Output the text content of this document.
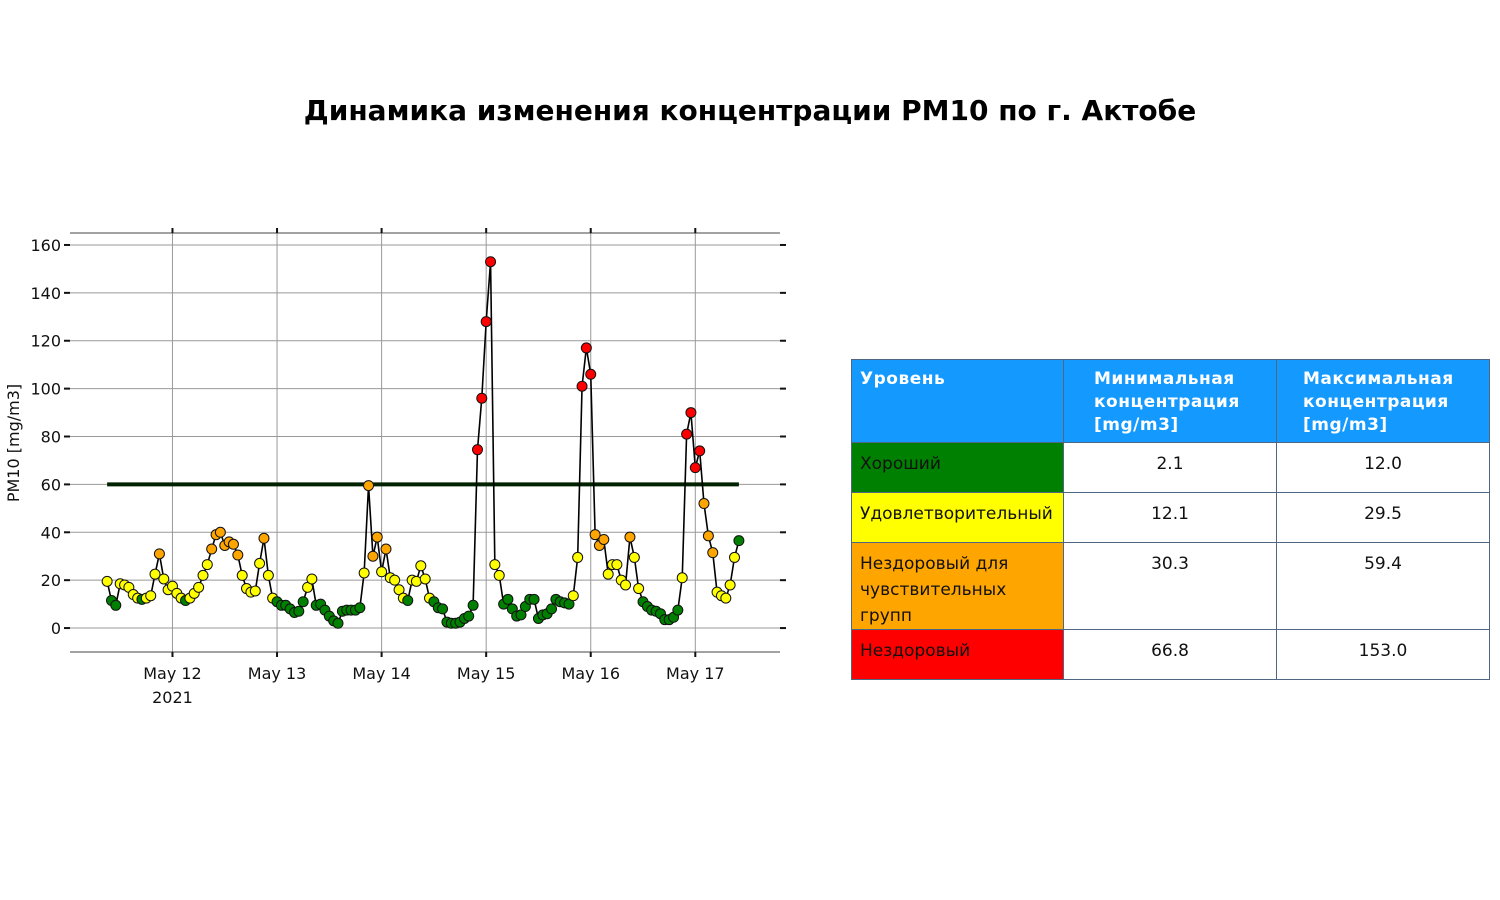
Динамика изменения концентрации PM10 по г. Актобе
0
20
40
60
80
100
120
140
160
May 12
2021
May 13	May 14	May 15	May 16	May 17
PM10 [mg/m3]
Уровень	Минимальная концентрация [mg/m3]	Максимальная концентрация [mg/m3]
Хороший	2.1	12.0
Удовлетворительный	12.1	29.5
Нездоровый для чувствительных групп	30.3	59.4
Нездоровый	66.8	153.0
